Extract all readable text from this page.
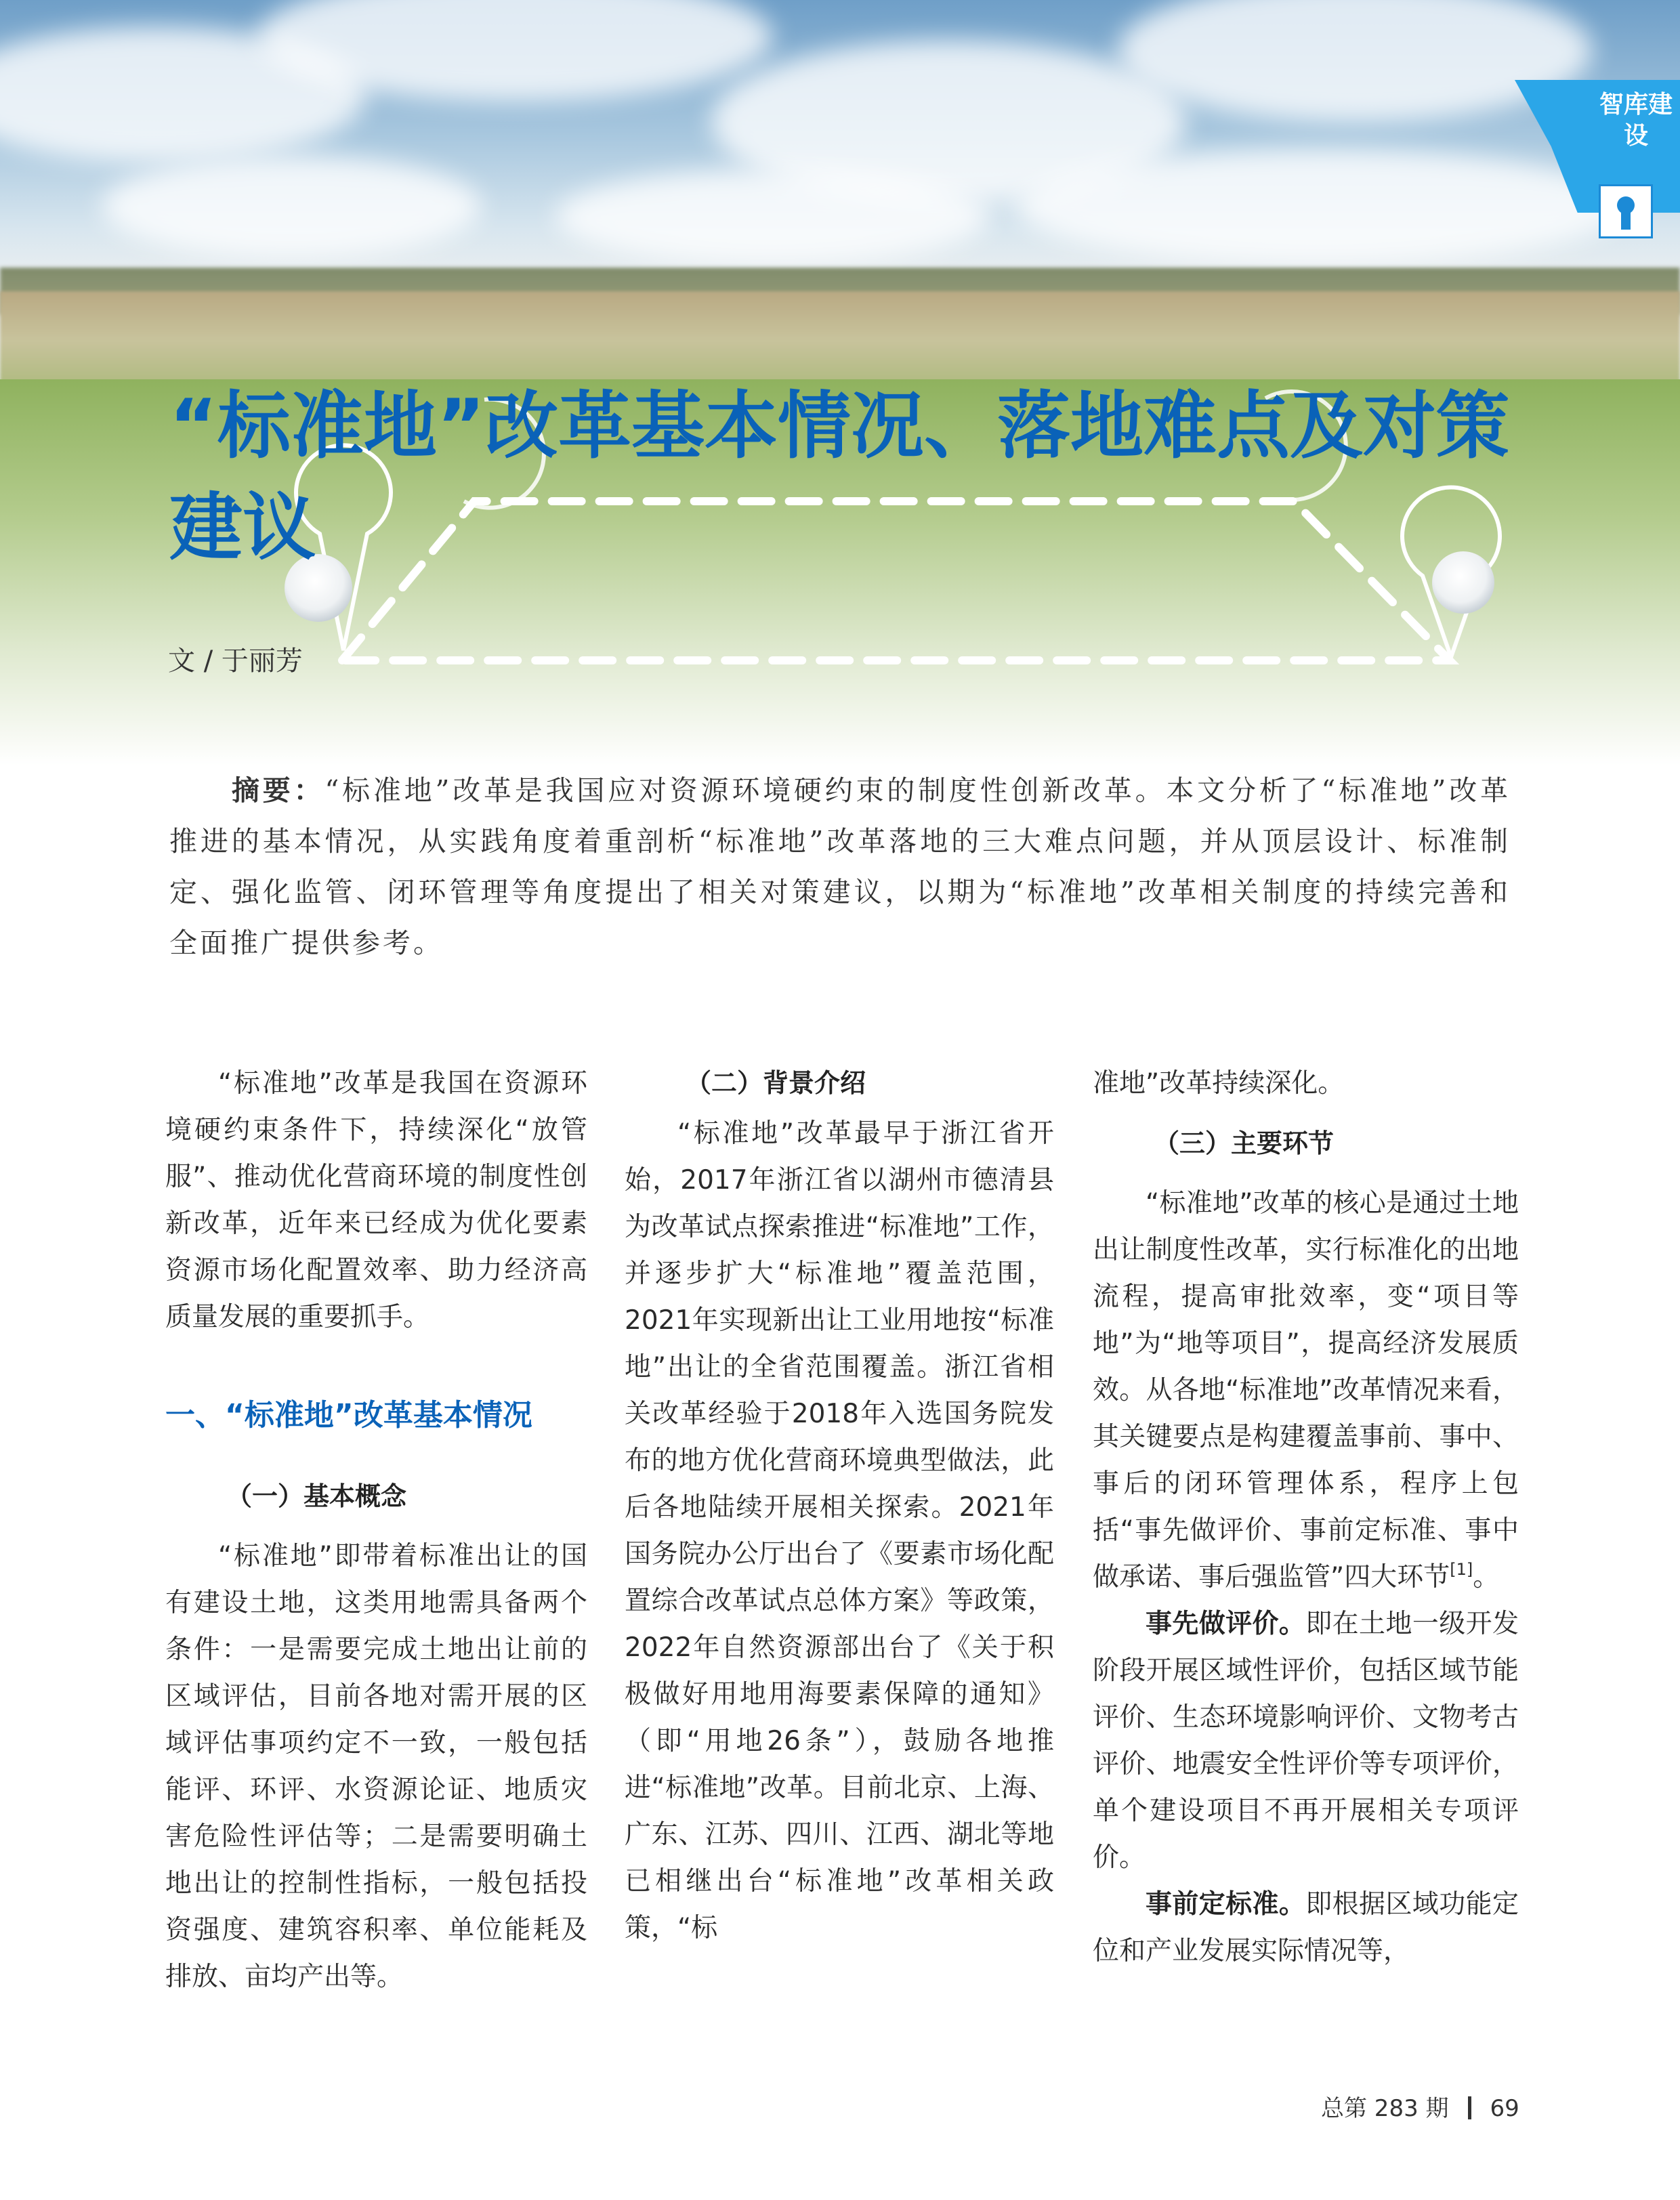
智库建设
“标准地”改革基本情况、落地难点及对策建议
文 / 于丽芳

摘要：“标准地”改革是我国应对资源环境硬约束的制度性创新改革。本文分析了“标准地”改革推进的基本情况，从实践角度着重剖析“标准地”改革落地的三大难点问题，并从顶层设计、标准制定、强化监管、闭环管理等角度提出了相关对策建议，以期为“标准地”改革相关制度的持续完善和全面推广提供参考。

“标准地”改革是我国在资源环境硬约束条件下，持续深化“放管服”、推动优化营商环境的制度性创新改革，近年来已经成为优化要素资源市场化配置效率、助力经济高质量发展的重要抓手。

一、“标准地”改革基本情况
（一）基本概念

“标准地”即带着标准出让的国有建设土地，这类用地需具备两个条件：一是需要完成土地出让前的区域评估，目前各地对需开展的区域评估事项约定不一致，一般包括能评、环评、水资源论证、地质灾害危险性评估等；二是需要明确土地出让的控制性指标，一般包括投资强度、建筑容积率、单位能耗及排放、亩均产出等。

（二）背景介绍

“标准地”改革最早于浙江省开始，2017年浙江省以湖州市德清县为改革试点探索推进“标准地”工作，并逐步扩大“标准地”覆盖范围，2021年实现新出让工业用地按“标准地”出让的全省范围覆盖。浙江省相关改革经验于2018年入选国务院发布的地方优化营商环境典型做法，此后各地陆续开展相关探索。2021年国务院办公厅出台了《要素市场化配置综合改革试点总体方案》等政策，2022年自然资源部出台了《关于积极做好用地用海要素保障的通知》（即“用地26条”），鼓励各地推进“标准地”改革。目前北京、上海、广东、江苏、四川、江西、湖北等地已相继出台“标准地”改革相关政策，“标

准地”改革持续深化。

（三）主要环节

“标准地”改革的核心是通过土地出让制度性改革，实行标准化的出地流程，提高审批效率，变“项目等地”为“地等项目”，提高经济发展质效。从各地“标准地”改革情况来看，其关键要点是构建覆盖事前、事中、事后的闭环管理体系，程序上包括“事先做评价、事前定标准、事中做承诺、事后强监管”四大环节[1]。

事先做评价。即在土地一级开发阶段开展区域性评价，包括区域节能评价、生态环境影响评价、文物考古评价、地震安全性评价等专项评价，单个建设项目不再开展相关专项评价。

事前定标准。即根据区域功能定位和产业发展实际情况等，

总第 283 期 69
